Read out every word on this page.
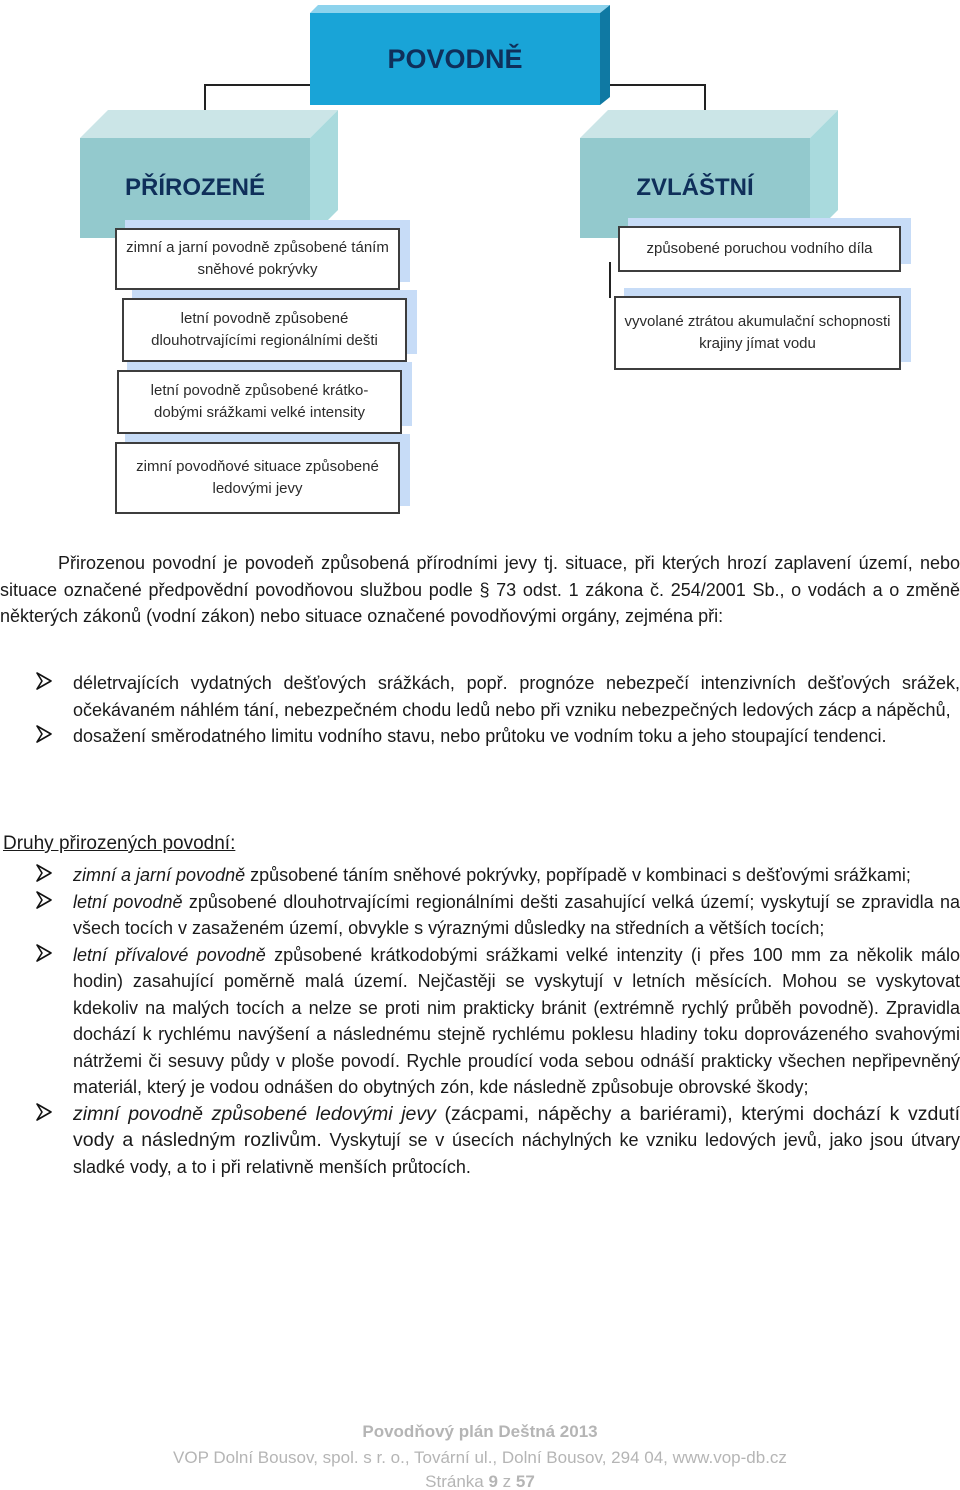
POVODNĚ
PŘÍROZENÉ	ZVLÁŠTNÍ
zimní a jarní povodně způsobené táním sněhové pokrývky
letní povodně způsobené dlouhotrvajícími regionálními dešti
letní povodně způsobené krátko-dobými srážkami velké intensity
zimní povodňové situace způsobené ledovými jevy
způsobené poruchou vodního díla
vyvolané ztrátou akumulační schopnosti krajiny jímat vodu

Přirozenou povodní je povodeň způsobená přírodními jevy tj. situace, při kterých hrozí zaplavení území, nebo situace označené předpovědní povodňovou službou podle § 73 odst. 1 zákona č. 254/2001 Sb., o vodách a o změně některých zákonů (vodní zákon) nebo situace označené povodňovými orgány, zejména při:

déletrvajících vydatných dešťových srážkách, popř. prognóze nebezpečí intenzivních dešťových srážek, očekávaném náhlém tání, nebezpečném chodu ledů nebo při vzniku nebezpečných ledových zácp a nápěchů,
dosažení směrodatného limitu vodního stavu, nebo průtoku ve vodním toku a jeho stoupající tendenci.
Druhy přirozených povodní:
zimní a jarní povodně způsobené táním sněhové pokrývky, popřípadě v kombinaci s dešťovými srážkami;
letní povodně způsobené dlouhotrvajícími regionálními dešti zasahující velká území; vyskytují se zpravidla na všech tocích v zasaženém území, obvykle s výraznými důsledky na středních a větších tocích;
letní přívalové povodně způsobené krátkodobými srážkami velké intenzity (i přes 100 mm za několik málo hodin) zasahující poměrně malá území. Nejčastěji se vyskytují v letních měsících. Mohou se vyskytovat kdekoliv na malých tocích a nelze se proti nim prakticky bránit (extrémně rychlý průběh povodně). Zpravidla dochází k rychlému navýšení a následnému stejně rychlému poklesu hladiny toku doprovázeného svahovými nátržemi či sesuvy půdy v ploše povodí. Rychle proudící voda sebou odnáší prakticky všechen nepřipevněný materiál, který je vodou odnášen do obytných zón, kde následně způsobuje obrovské škody;
zimní povodně způsobené ledovými jevy (zácpami, nápěchy a bariérami), kterými dochází k vzdutí vody a následným rozlivům. Vyskytují se v úsecích náchylných ke vzniku ledových jevů, jako jsou útvary sladké vody, a to i při relativně menších průtocích.
Povodňový plán Deštná 2013
VOP Dolní Bousov, spol. s r. o., Tovární ul., Dolní Bousov, 294 04, www.vop-db.cz
Stránka 9 z 57
